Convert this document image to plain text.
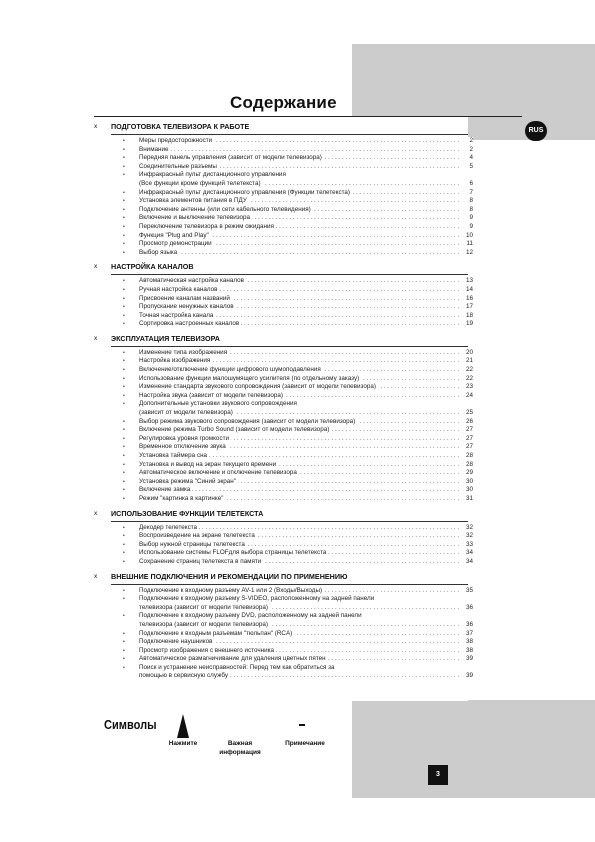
Содержание
RUS
x ПОДГОТОВКА ТЕЛЕВИЗОРА К РАБОТЕ
• Меры предосторожности . . .	2
• Внимание . . .	2
• Передняя панель управления (зависит от модели телевизора) . . .	4
• Соединительные разъемы . . .	5
• Инфракрасный пульт дистанционного управления
(Все функции кроме функций телетекста) . . .	6
• Инфракрасный пульт дистанционного управления (Функции телетекста) . . .	7
• Установка элементов питания в ПДУ . . .	8
• Подключение антенны (или сети кабельного телевидения) . . .	8
• Включение и выключение телевизора . . .	9
• Переключение телевизора в режим ожидания . . .	9
• Функция "Plug and Play" . . .	10
• Просмотр демонстрации . . .	11
• Выбор языка . . .	12
x НАСТРОЙКА КАНАЛОВ
• Автоматическая настройка каналов . . .	13
• Ручная настройка каналов . . .	14
• Присвоение каналам названий . . .	16
• Пропускание ненужных каналов . . .	17
• Точная настройка канала . . .	18
• Сортировка настроенных каналов . . .	19
x ЭКСПЛУАТАЦИЯ ТЕЛЕВИЗОРА
• Изменение типа изображения . . .	20
• Настройка изображения . . .	21
• Включение/отключение функции цифрового шумоподавления . . .	22
• Использование функции малошумящего усилителя (по отдельному заказу) . . .	22
• Изменение стандарта звукового сопровождения (зависит от модели телевизора) . . .	23
• Настройка звука (зависит от модели телевизора) . . .	24
• Дополнительные установки звукового сопровождения
(зависит от модели телевизора) . . .	25
• Выбор режима звукового сопровождения (зависит от модели телевизора) . . .	26
• Включение режима Turbo Sound (зависит от модели телевизора) . . .	27
• Регулировка уровня громкости . . .	27
• Временное отключение звука . . .	27
• Установка таймера сна . . .	28
• Установка и вывод на экран текущего времени . . .	28
• Автоматическое включение и отключение телевизора . . .	29
• Установка режима "Синий экран" . . .	30
• Включение замка . . .	30
• Режим "картинка в картинке" . . .	31
x ИСПОЛЬЗОВАНИЕ ФУНКЦИИ ТЕЛЕТЕКСТА
• Декодер телетекста . . .	32
• Воспроизведение на экране телетекста . . .	32
• Выбор нужной страницы телетекста . . .	33
• Использование системы FLOFдля выбора страницы телетекста . . .	34
• Сохранение страниц телетекста в памяти . . .	34
x ВНЕШНИЕ ПОДКЛЮЧЕНИЯ И РЕКОМЕНДАЦИИ ПО ПРИМЕНЕНИЮ
• Подключение к входному разъему AV-1 или 2 (Входы/Выходы) . . .	35
• Подключение к входному разъему S-VIDEO, расположенному на задней панели
телевизора (зависит от модели телевизора) . . .	36
• Подключение к входному разъему DVD, расположенному на задней панели
телевизора (зависит от модели телевизора) . . .	36
• Подключение к входным разъемам "тюльпан" (RCA) . . .	37
• Подключение наушников . . .	38
• Просмотр изображения с внешнего источника . . .	38
• Автоматическое размагничивание для удаления цветных пятен . . .	39
• Поиск и устранение неисправностей: Перед тем как обратиться за
помощью в сервисную службу . . .	39
Символы
Нажмите	Важная
информация
Примечание
3
